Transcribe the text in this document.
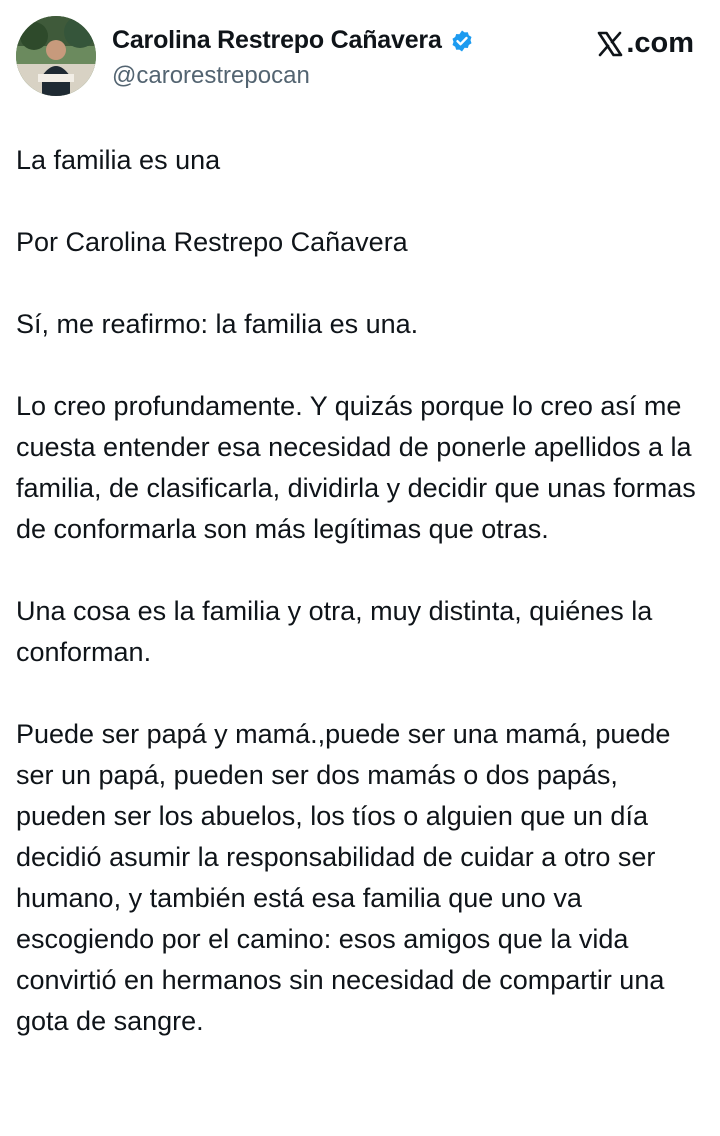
Carolina Restrepo Cañavera
@carorestrepocan
.com

La familia es una

Por Carolina Restrepo Cañavera

Sí, me reafirmo: la familia es una.

Lo creo profundamente. Y quizás porque lo creo así me cuesta entender esa necesidad de ponerle apellidos a la familia, de clasificarla, dividirla y decidir que unas formas de conformarla son más legítimas que otras.

Una cosa es la familia y otra, muy distinta, quiénes la conforman.

Puede ser papá y mamá.,puede ser una mamá, puede ser un papá, pueden ser dos mamás o dos papás, pueden ser los abuelos, los tíos o alguien que un día decidió asumir la responsabilidad de cuidar a otro ser humano, y también está esa familia que uno va escogiendo por el camino: esos amigos que la vida convirtió en hermanos sin necesidad de compartir una gota de sangre.
